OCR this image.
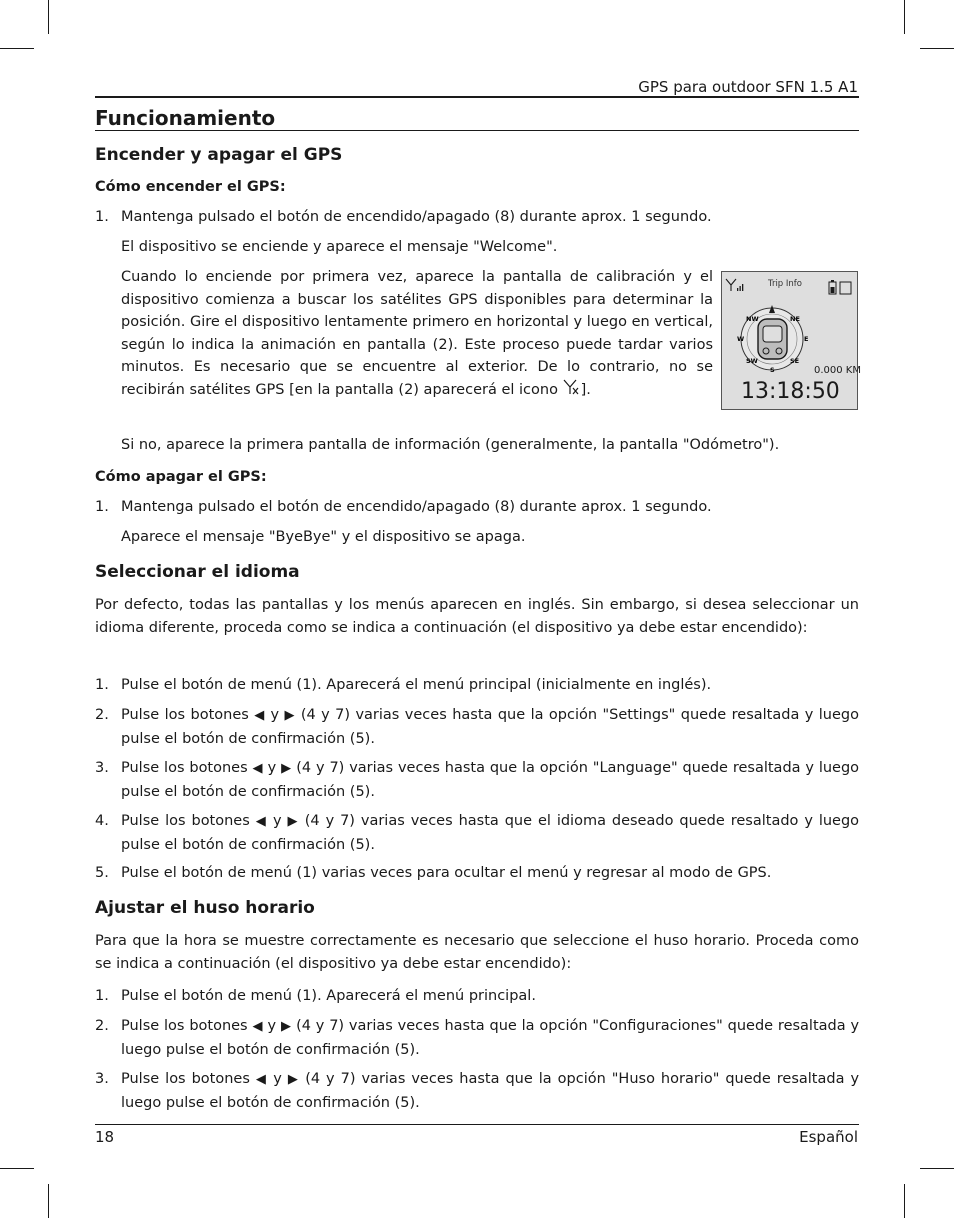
GPS para outdoor SFN 1.5 A1
Funcionamiento
Encender y apagar el GPS
Cómo encender el GPS:
1. Mantenga pulsado el botón de encendido/apagado (8) durante aprox. 1 segundo.
El dispositivo se enciende y aparece el mensaje "Welcome".
Cuando lo enciende por primera vez, aparece la pantalla de calibración y el dispositivo comienza a buscar los satélites GPS disponibles para determinar la posición. Gire el dispositivo lentamente primero en horizontal y luego en vertical, según lo indica la animación en pantalla (2). Este proceso puede tardar varios minutos. Es necesario que se encuentre al exterior. De lo contrario, no se recibirán satélites GPS [en la pantalla (2) aparecerá el icono ].
Si no, aparece la primera pantalla de información (generalmente, la pantalla "Odómetro").
NW	NE
W	E
SW
S
SE
Trip Info
0.000 KM
13:18:50
Cómo apagar el GPS:
1. Mantenga pulsado el botón de encendido/apagado (8) durante aprox. 1 segundo.
Aparece el mensaje "ByeBye" y el dispositivo se apaga.
Seleccionar el idioma
Por defecto, todas las pantallas y los menús aparecen en inglés. Sin embargo, si desea seleccionar un idioma diferente, proceda como se indica a continuación (el dispositivo ya debe estar encendido):
1. Pulse el botón de menú (1). Aparecerá el menú principal (inicialmente en inglés).
2. Pulse los botones ◀ y ▶ (4 y 7) varias veces hasta que la opción "Settings" quede resaltada y luego pulse el botón de confirmación (5).
3. Pulse los botones ◀ y ▶ (4 y 7) varias veces hasta que la opción "Language" quede resaltada y luego pulse el botón de confirmación (5).
4. Pulse los botones ◀ y ▶ (4 y 7) varias veces hasta que el idioma deseado quede resaltado y luego pulse el botón de confirmación (5).
5. Pulse el botón de menú (1) varias veces para ocultar el menú y regresar al modo de GPS.
Ajustar el huso horario
Para que la hora se muestre correctamente es necesario que seleccione el huso horario. Proceda como se indica a continuación (el dispositivo ya debe estar encendido):
1. Pulse el botón de menú (1). Aparecerá el menú principal.
2. Pulse los botones ◀ y ▶ (4 y 7) varias veces hasta que la opción "Configuraciones" quede resaltada y luego pulse el botón de confirmación (5).
3. Pulse los botones ◀ y ▶ (4 y 7) varias veces hasta que la opción "Huso horario" quede resaltada y luego pulse el botón de confirmación (5).
18	Español
